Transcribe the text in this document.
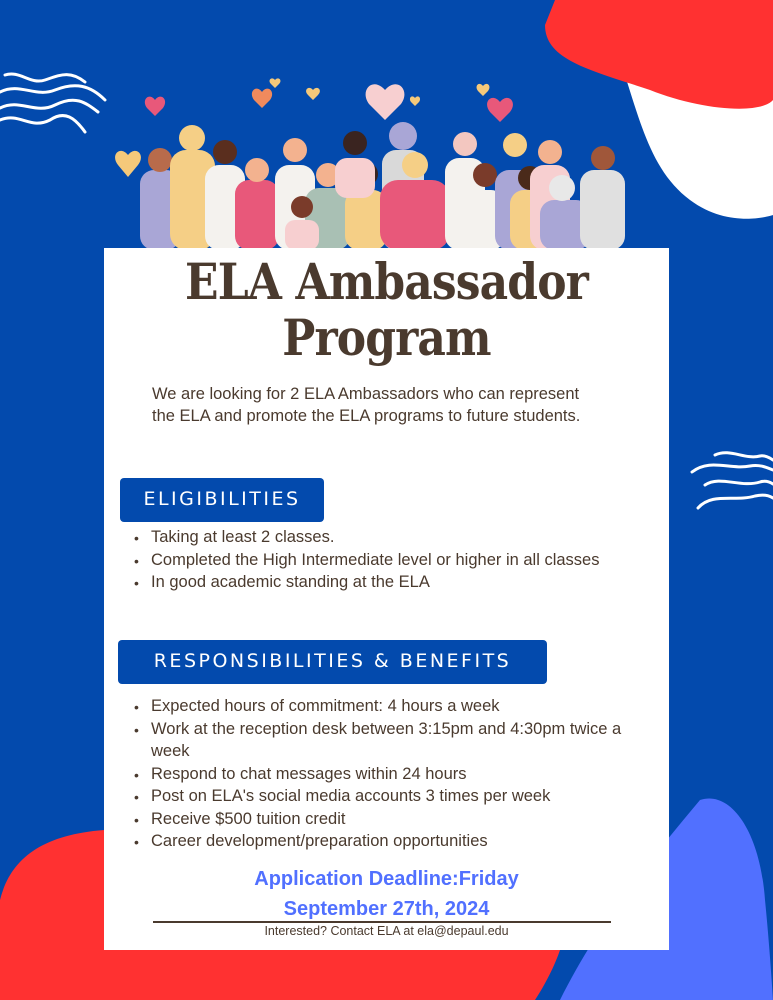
ELA Ambassador
Program
We are looking for 2 ELA Ambassadors who can represent the ELA and promote the ELA programs to future students.
ELIGIBILITIES
• Taking at least 2 classes.
• Completed the High Intermediate level or higher in all classes
• In good academic standing at the ELA
RESPONSIBILITIES & BENEFITS
• Expected hours of commitment: 4 hours a week
• Work at the reception desk between 3:15pm and 4:30pm twice a week
• Respond to chat messages within 24 hours
• Post on ELA's social media accounts 3 times per week
• Receive $500 tuition credit
• Career development/preparation opportunities
Application Deadline:Friday
September 27th, 2024
Interested? Contact ELA at ela@depaul.edu
